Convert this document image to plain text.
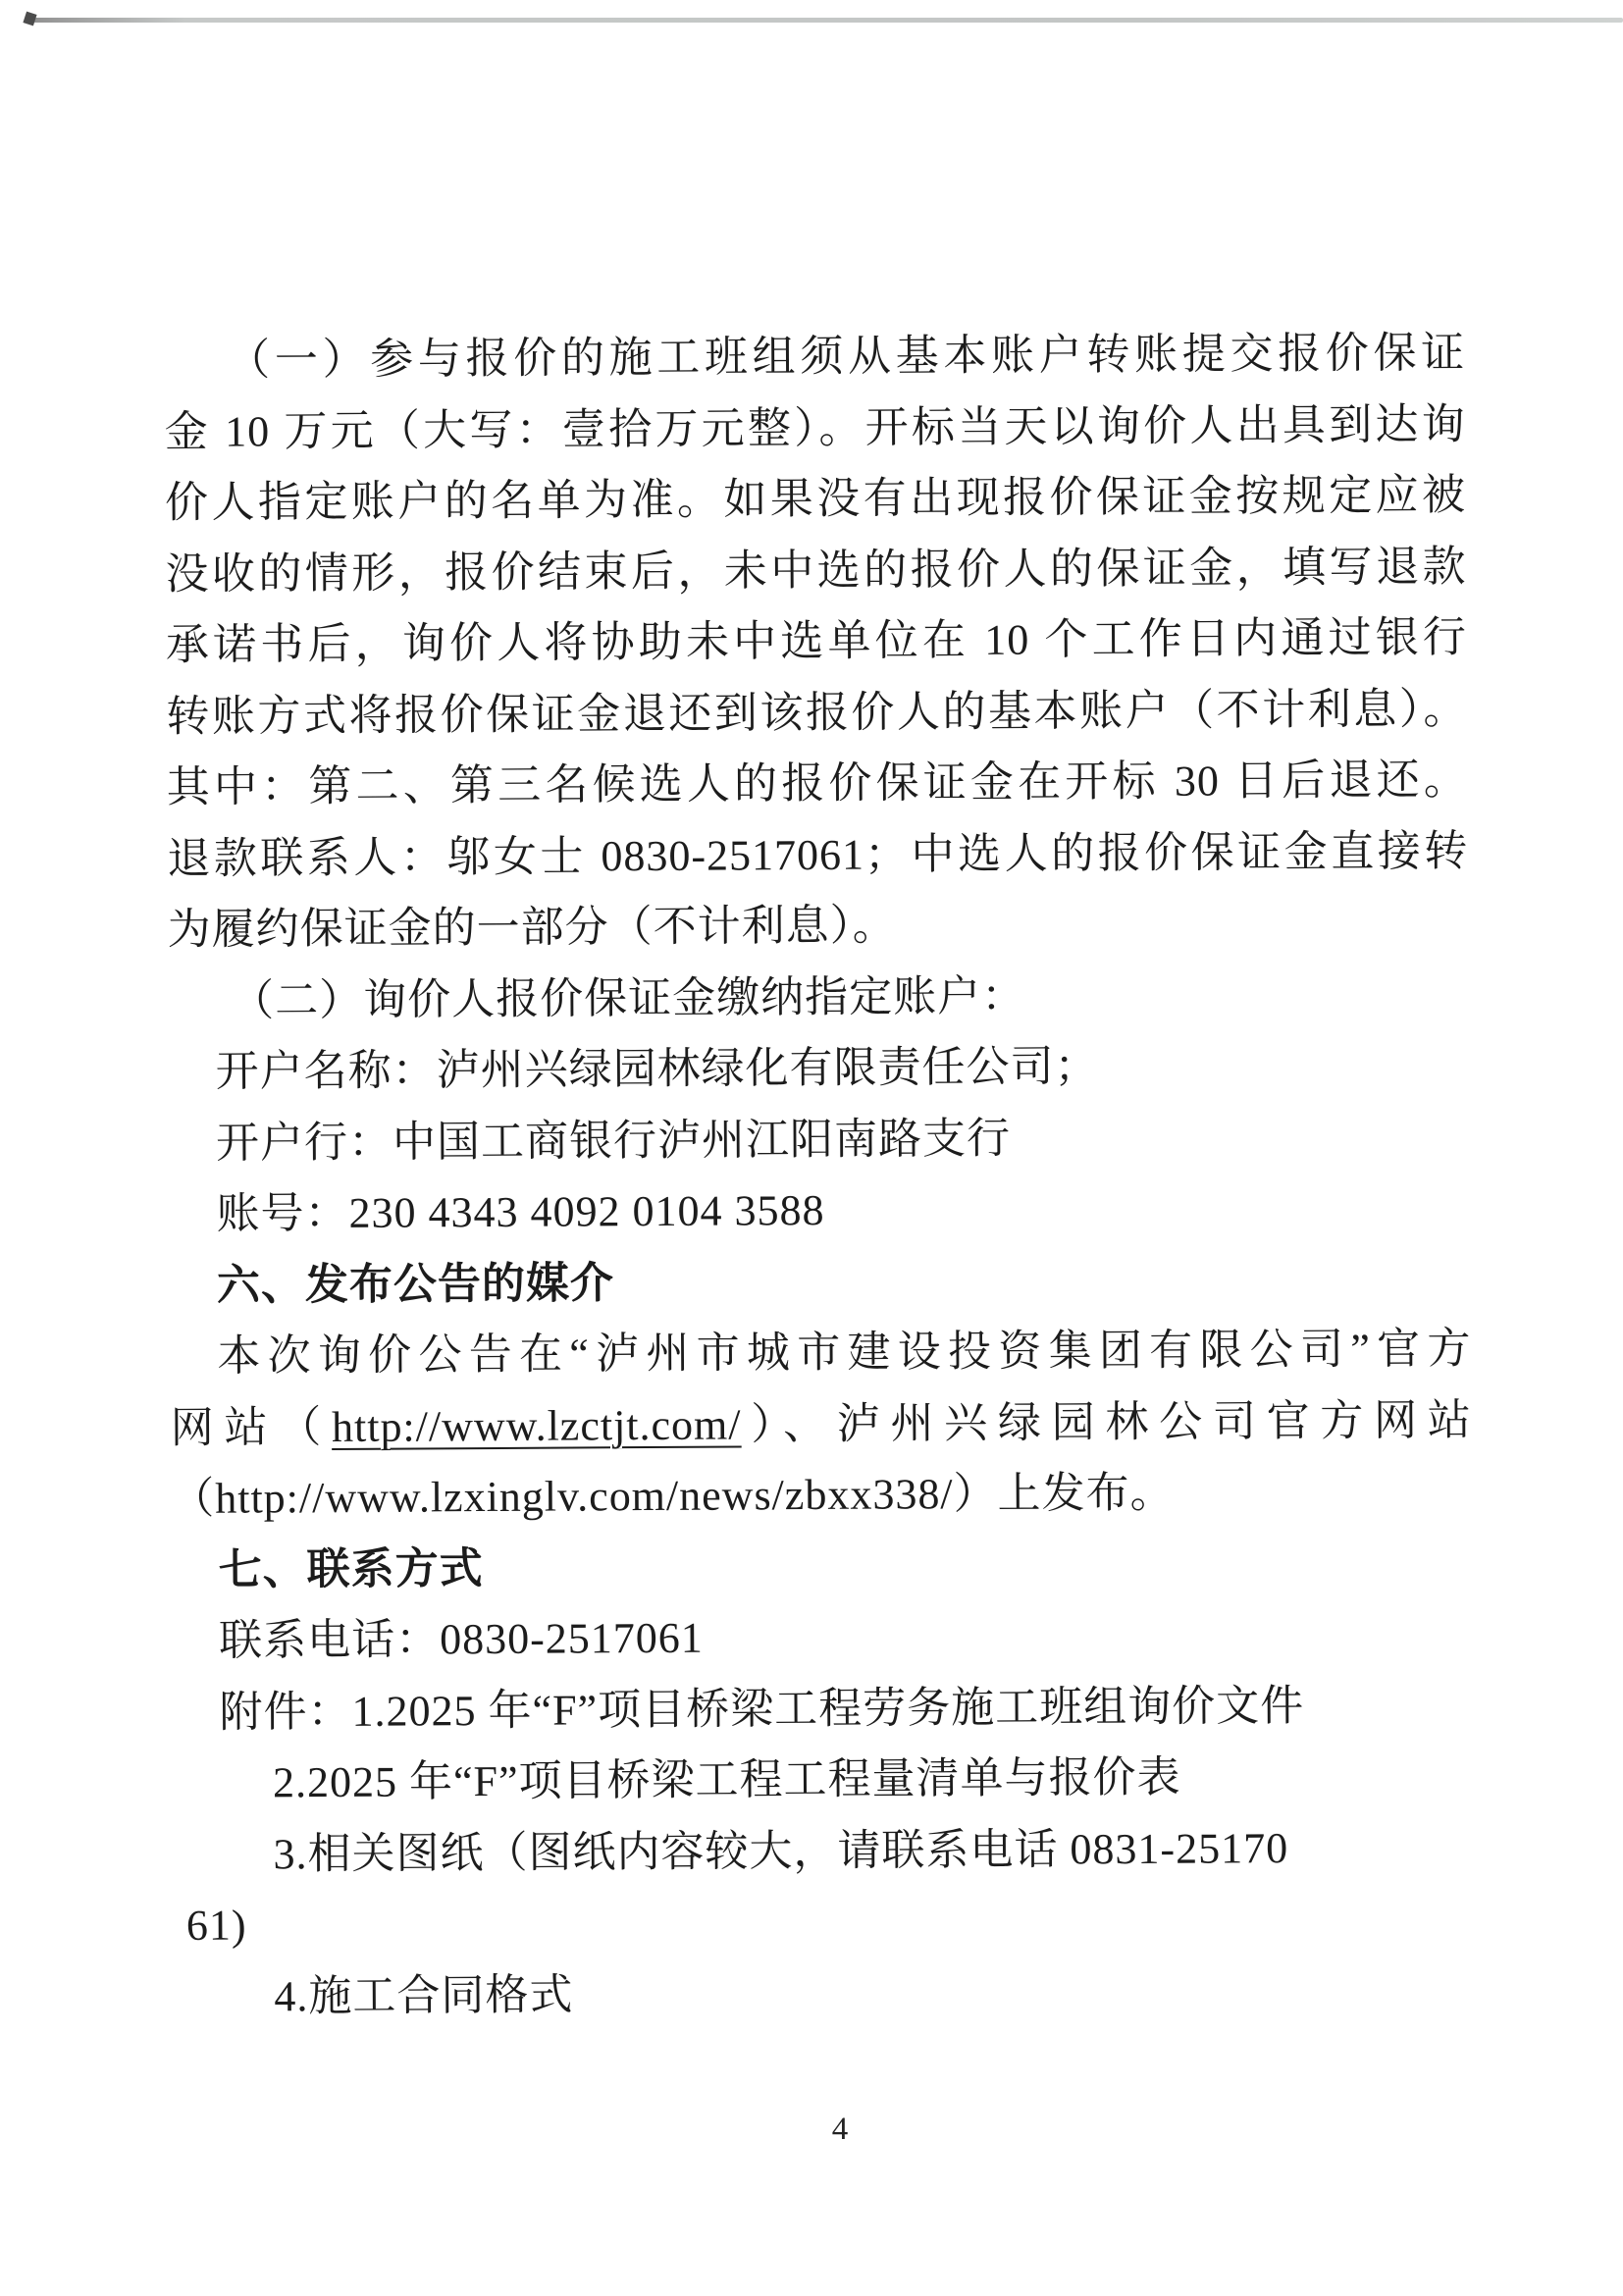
（一）参与报价的施工班组须从基本账户转账提交报价保证
金 10 万元（大写：壹拾万元整）。开标当天以询价人出具到达询
价人指定账户的名单为准。如果没有出现报价保证金按规定应被
没收的情形，报价结束后，未中选的报价人的保证金，填写退款
承诺书后，询价人将协助未中选单位在 10 个工作日内通过银行
转账方式将报价保证金退还到该报价人的基本账户（不计利息）。
其中：第二、第三名候选人的报价保证金在开标 30 日后退还。
退款联系人：邬女士 0830-2517061；中选人的报价保证金直接转
为履约保证金的一部分（不计利息）。
（二）询价人报价保证金缴纳指定账户：
开户名称：泸州兴绿园林绿化有限责任公司；
开户行：中国工商银行泸州江阳南路支行
账号：230 4343 4092 0104 3588
六、发布公告的媒介
本次询价公告在“泸州市城市建设投资集团有限公司”官方
网站（http://www.lzctjt.com/）、泸州兴绿园林公司官方网站
（http://www.lzxinglv.com/news/zbxx338/）上发布。
七、联系方式
联系电话：0830-2517061
附件：1.2025 年“F”项目桥梁工程劳务施工班组询价文件
2.2025 年“F”项目桥梁工程工程量清单与报价表
3.相关图纸（图纸内容较大，请联系电话 0831-25170
61)
4.施工合同格式
4
